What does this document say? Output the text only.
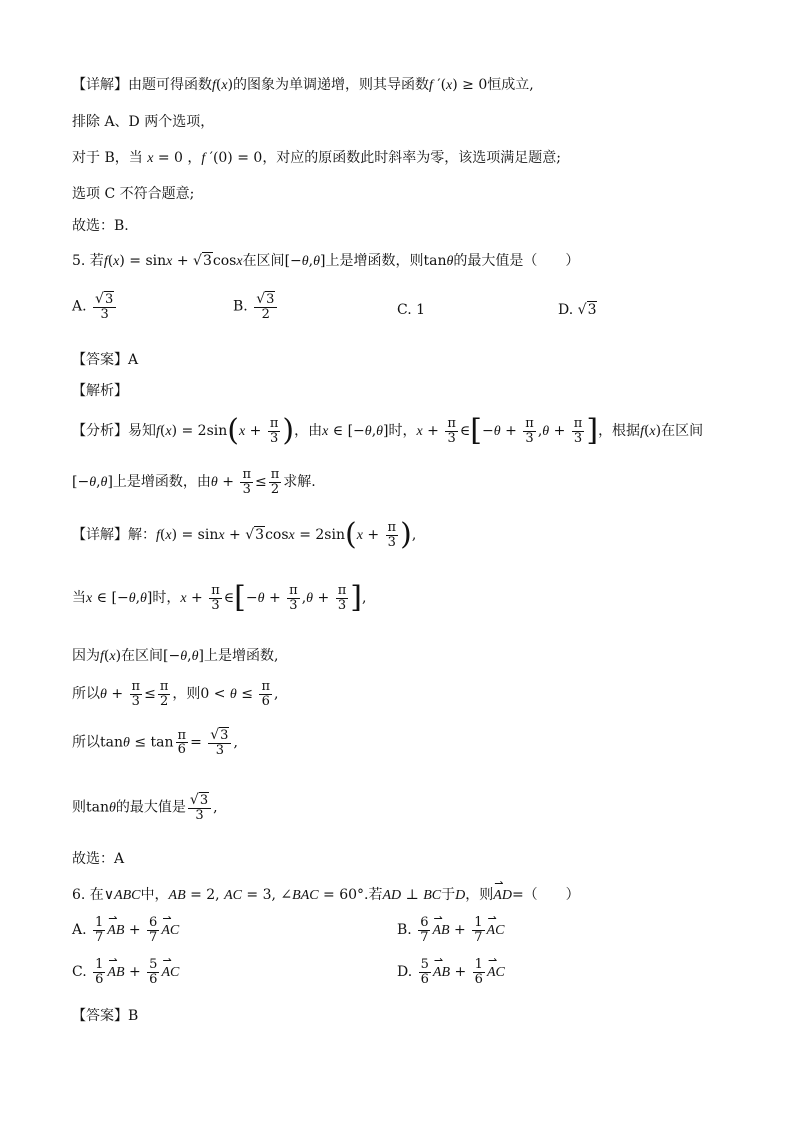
【详解】由题可得函数f(x)的图象为单调递增，则其导函数f ′(x) ≥ 0恒成立,
排除 A、D 两个选项，
对于 B，当 x = 0 ，f ′(0) = 0，对应的原函数此时斜率为零，该选项满足题意;
选项 C 不符合题意;
故选：B.
5. 若f(x) = sinx + √3cosx在区间[−θ,θ]上是增函数，则tanθ的最大值是（　　）
A. $\frac{√3}{3}$	B. $\frac{√3}{2}$	C. 1	D. √3
【答案】A
【解析】
【分析】易知$f(x) = 2\sin(x + \frac{\pi}{3}$ )，由x ∈ [−θ,θ]时，$x + \frac{\pi}{3}$ ∈[−θ + $\frac{\pi}{3} ,\theta + \frac{\pi}{3}$ ]，根据f(x)在区间
[−θ,θ]上是增函数，由$\theta + \frac{\pi}{3} \le \frac{\pi}{2}$ 求解.
【详解】解：$f(x) = \sin x + √3\cos x = 2\sin(x + \frac{\pi}{3}$ ),
当x ∈ [−θ,θ]时，$x + \frac{\pi}{3}$ ∈[−θ + $\frac{\pi}{3} ,\theta + \frac{\pi}{3}$ ],
因为f(x)在区间[−θ,θ]上是增函数,
所以$\theta + \frac{\pi}{3} \le \frac{\pi}{2}$ ，则$0 < \theta \le \frac{\pi}{6}$ ,
所以$\tan\theta \le \tan \frac{\pi}{6} = \frac{√3}{3}$ ,
则tanθ的最大值是 $\frac{√3}{3}$ ,
故选：A
6. 在∨ABC中，AB = 2, AC = 3, ∠BAC = 60°.若AD ⊥ BC于D，则⇀ AD=（　　）
A. $\frac{1}{7}$ ⇀ AB + $\frac{6}{7}$ ⇀ AC	B. $\frac{6}{7}$ ⇀ AB + $\frac{1}{7}$ ⇀ AC
C. $\frac{1}{6}$ ⇀ AB + $\frac{5}{6}$ ⇀ AC	D. $\frac{5}{6}$ ⇀ AB + $\frac{1}{6}$ ⇀ AC
【答案】B
